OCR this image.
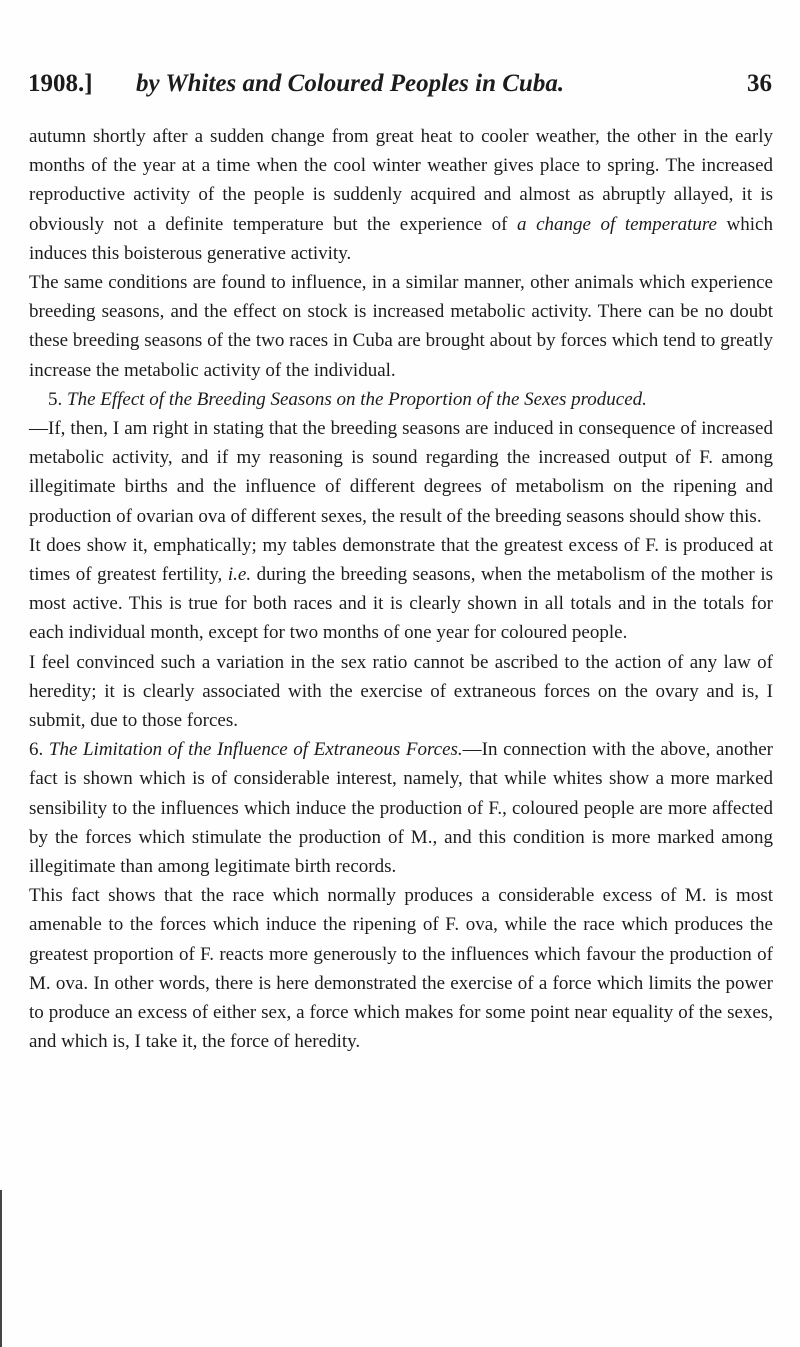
1908.] by Whites and Coloured Peoples in Cuba.	36

autumn shortly after a sudden change from great heat to cooler weather, the other in the early months of the year at a time when the cool winter weather gives place to spring. The increased reproductive activity of the people is suddenly acquired and almost as abruptly allayed, it is obviously not a definite temperature but the experience of a change of temperature which induces this boisterous generative activity.

The same conditions are found to influence, in a similar manner, other animals which experience breeding seasons, and the effect on stock is increased metabolic activity. There can be no doubt these breeding seasons of the two races in Cuba are brought about by forces which tend to greatly increase the metabolic activity of the individual.

5. The Effect of the Breeding Seasons on the Proportion of the Sexes produced.
—If, then, I am right in stating that the breeding seasons are induced in consequence of increased metabolic activity, and if my reasoning is sound regarding the increased output of F. among illegitimate births and the influence of different degrees of metabolism on the ripening and production of ovarian ova of different sexes, the result of the breeding seasons should show this.

It does show it, emphatically; my tables demonstrate that the greatest excess of F. is produced at times of greatest fertility, i.e. during the breeding seasons, when the metabolism of the mother is most active. This is true for both races and it is clearly shown in all totals and in the totals for each individual month, except for two months of one year for coloured people.

I feel convinced such a variation in the sex ratio cannot be ascribed to the action of any law of heredity; it is clearly associated with the exercise of extraneous forces on the ovary and is, I submit, due to those forces.

6. The Limitation of the Influence of Extraneous Forces.—In connection with the above, another fact is shown which is of considerable interest, namely, that while whites show a more marked sensibility to the influences which induce the production of F., coloured people are more affected by the forces which stimulate the production of M., and this condition is more marked among illegitimate than among legitimate birth records.

This fact shows that the race which normally produces a considerable excess of M. is most amenable to the forces which induce the ripening of F. ova, while the race which produces the greatest proportion of F. reacts more generously to the influences which favour the production of M. ova. In other words, there is here demonstrated the exercise of a force which limits the power to produce an excess of either sex, a force which makes for some point near equality of the sexes, and which is, I take it, the force of heredity.
